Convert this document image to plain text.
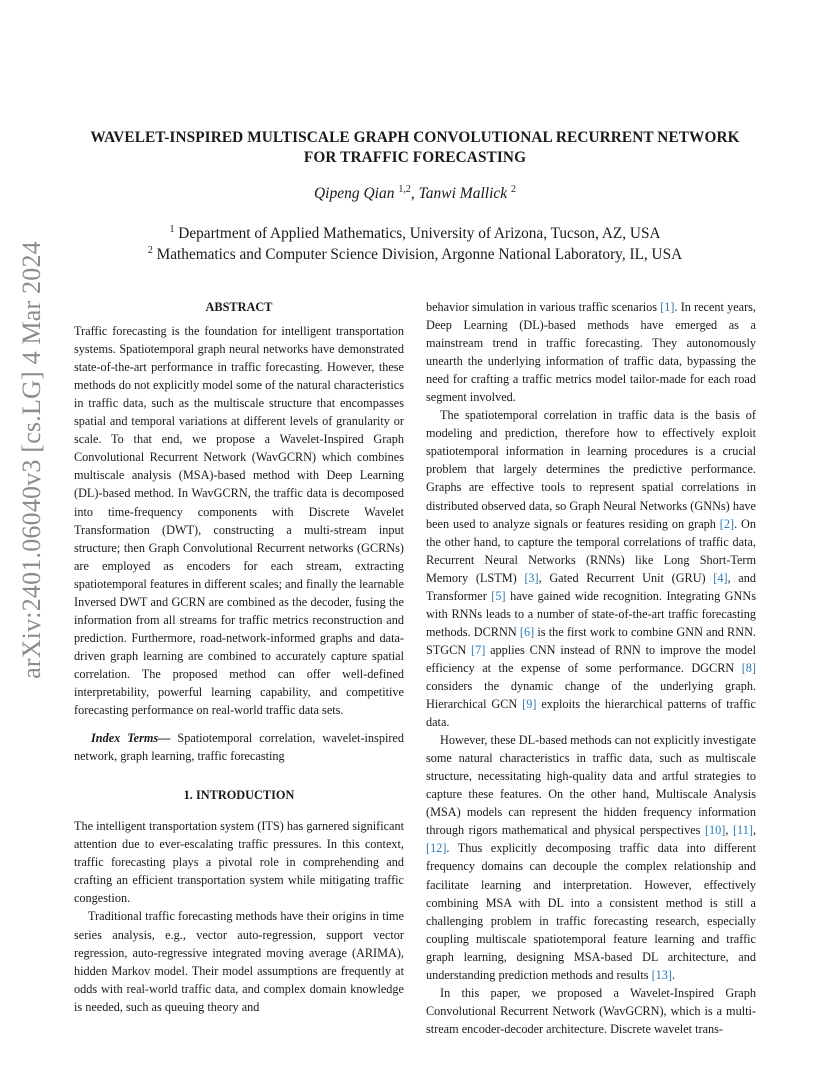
arXiv:2401.06040v3 [cs.LG] 4 Mar 2024
WAVELET-INSPIRED MULTISCALE GRAPH CONVOLUTIONAL RECURRENT NETWORK
FOR TRAFFIC FORECASTING
Qipeng Qian $^{1,2}$, Tanwi Mallick $^2$
$^1$ Department of Applied Mathematics, University of Arizona, Tucson, AZ, USA
$^2$ Mathematics and Computer Science Division, Argonne National Laboratory, IL, USA
ABSTRACT

Traffic forecasting is the foundation for intelligent transportation systems. Spatiotemporal graph neural networks have demonstrated state-of-the-art performance in traffic forecasting. However, these methods do not explicitly model some of the natural characteristics in traffic data, such as the multiscale structure that encompasses spatial and temporal variations at different levels of granularity or scale. To that end, we propose a Wavelet-Inspired Graph Convolutional Recurrent Network (WavGCRN) which combines multiscale analysis (MSA)-based method with Deep Learning (DL)-based method. In WavGCRN, the traffic data is decomposed into time-frequency components with Discrete Wavelet Transformation (DWT), constructing a multi-stream input structure; then Graph Convolutional Recurrent networks (GCRNs) are employed as encoders for each stream, extracting spatiotemporal features in different scales; and finally the learnable Inversed DWT and GCRN are combined as the decoder, fusing the information from all streams for traffic metrics reconstruction and prediction. Furthermore, road-network-informed graphs and data-driven graph learning are combined to accurately capture spatial correlation. The proposed method can offer well-defined interpretability, powerful learning capability, and competitive forecasting performance on real-world traffic data sets.

Index Terms— Spatiotemporal correlation, wavelet-inspired network, graph learning, traffic forecasting

1. INTRODUCTION

The intelligent transportation system (ITS) has garnered significant attention due to ever-escalating traffic pressures. In this context, traffic forecasting plays a pivotal role in comprehending and crafting an efficient transportation system while mitigating traffic congestion.

Traditional traffic forecasting methods have their origins in time series analysis, e.g., vector auto-regression, support vector regression, auto-regressive integrated moving average (ARIMA), hidden Markov model. Their model assumptions are frequently at odds with real-world traffic data, and complex domain knowledge is needed, such as queuing theory and

behavior simulation in various traffic scenarios [1]. In recent years, Deep Learning (DL)-based methods have emerged as a mainstream trend in traffic forecasting. They autonomously unearth the underlying information of traffic data, bypassing the need for crafting a traffic metrics model tailor-made for each road segment involved.

The spatiotemporal correlation in traffic data is the basis of modeling and prediction, therefore how to effectively exploit spatiotemporal information in learning procedures is a crucial problem that largely determines the predictive performance. Graphs are effective tools to represent spatial correlations in distributed observed data, so Graph Neural Networks (GNNs) have been used to analyze signals or features residing on graph [2]. On the other hand, to capture the temporal correlations of traffic data, Recurrent Neural Networks (RNNs) like Long Short-Term Memory (LSTM) [3], Gated Recurrent Unit (GRU) [4], and Transformer [5] have gained wide recognition. Integrating GNNs with RNNs leads to a number of state-of-the-art traffic forecasting methods. DCRNN [6] is the first work to combine GNN and RNN. STGCN [7] applies CNN instead of RNN to improve the model efficiency at the expense of some performance. DGCRN [8] considers the dynamic change of the underlying graph. Hierarchical GCN [9] exploits the hierarchical patterns of traffic data.

However, these DL-based methods can not explicitly investigate some natural characteristics in traffic data, such as multiscale structure, necessitating high-quality data and artful strategies to capture these features. On the other hand, Multiscale Analysis (MSA) models can represent the hidden frequency information through rigors mathematical and physical perspectives [10], [11], [12]. Thus explicitly decomposing traffic data into different frequency domains can decouple the complex relationship and facilitate learning and interpretation. However, effectively combining MSA with DL into a consistent method is still a challenging problem in traffic forecasting research, especially coupling multiscale spatiotemporal feature learning and traffic graph learning, designing MSA-based DL architecture, and understanding prediction methods and results [13].

In this paper, we proposed a Wavelet-Inspired Graph Convolutional Recurrent Network (WavGCRN), which is a multi-stream encoder-decoder architecture. Discrete wavelet trans-
